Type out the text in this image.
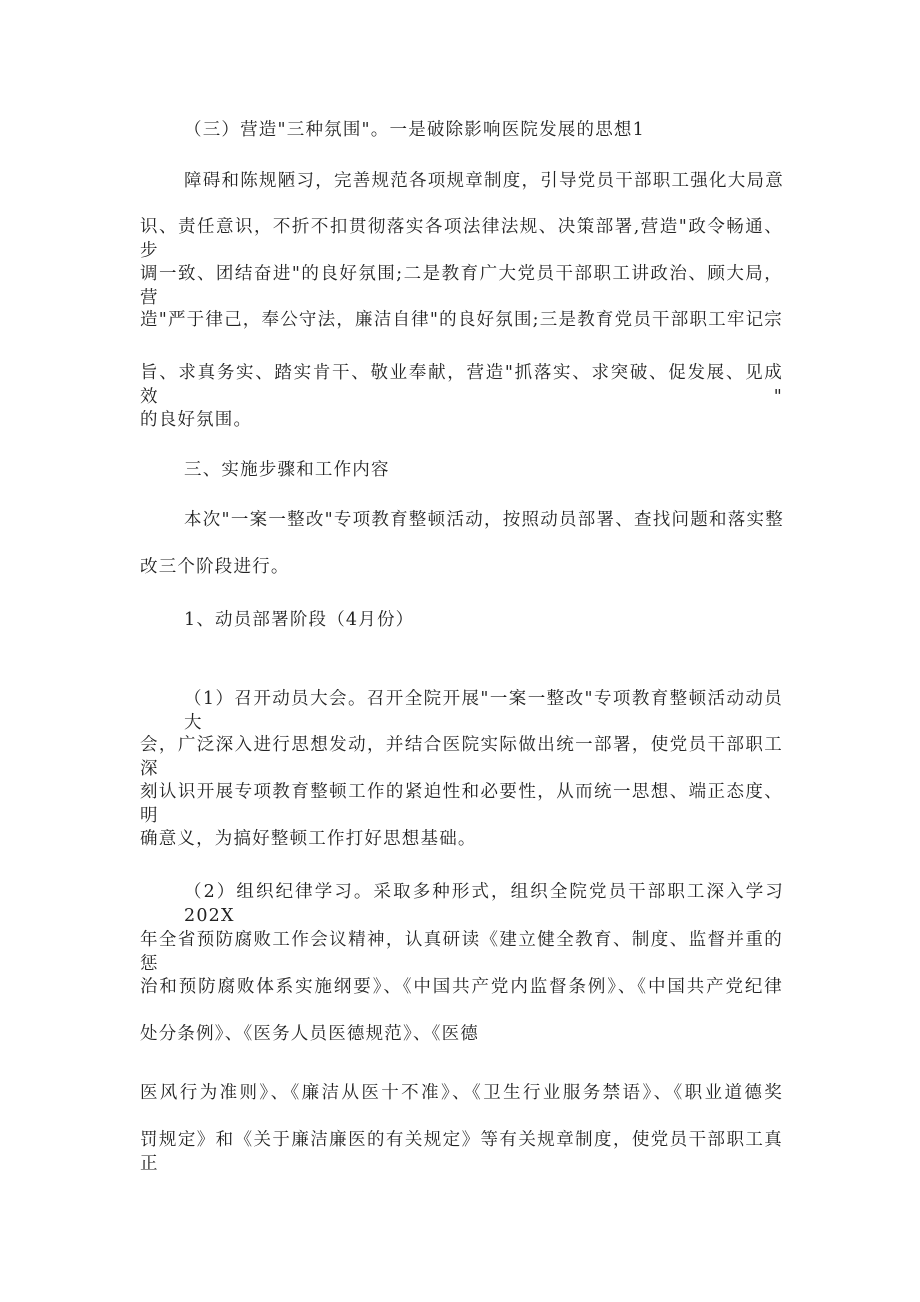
（三）营造"三种氛围"。一是破除影响医院发展的思想1
障碍和陈规陋习，完善规范各项规章制度，引导党员干部职工强化大局意
识、责任意识，不折不扣贯彻落实各项法律法规、决策部署,营造"政令畅通、步
调一致、团结奋进"的良好氛围;二是教育广大党员干部职工讲政治、顾大局，营
造"严于律己，奉公守法，廉洁自律"的良好氛围;三是教育党员干部职工牢记宗
旨、求真务实、踏实肯干、敬业奉献，营造"抓落实、求突破、促发展、见成效"
的良好氛围。
三、实施步骤和工作内容
本次"一案一整改"专项教育整顿活动，按照动员部署、查找问题和落实整
改三个阶段进行。
1、动员部署阶段（4月份）
（1）召开动员大会。召开全院开展"一案一整改"专项教育整顿活动动员大
会，广泛深入进行思想发动，并结合医院实际做出统一部署，使党员干部职工深
刻认识开展专项教育整顿工作的紧迫性和必要性，从而统一思想、端正态度、明
确意义，为搞好整顿工作打好思想基础。
（2）组织纪律学习。采取多种形式，组织全院党员干部职工深入学习202X
年全省预防腐败工作会议精神，认真研读《建立健全教育、制度、监督并重的惩
治和预防腐败体系实施纲要》、《中国共产党内监督条例》、《中国共产党纪律
处分条例》、《医务人员医德规范》、《医德
医风行为准则》、《廉洁从医十不准》、《卫生行业服务禁语》、《职业道德奖
罚规定》和《关于廉洁廉医的有关规定》等有关规章制度，使党员干部职工真正
